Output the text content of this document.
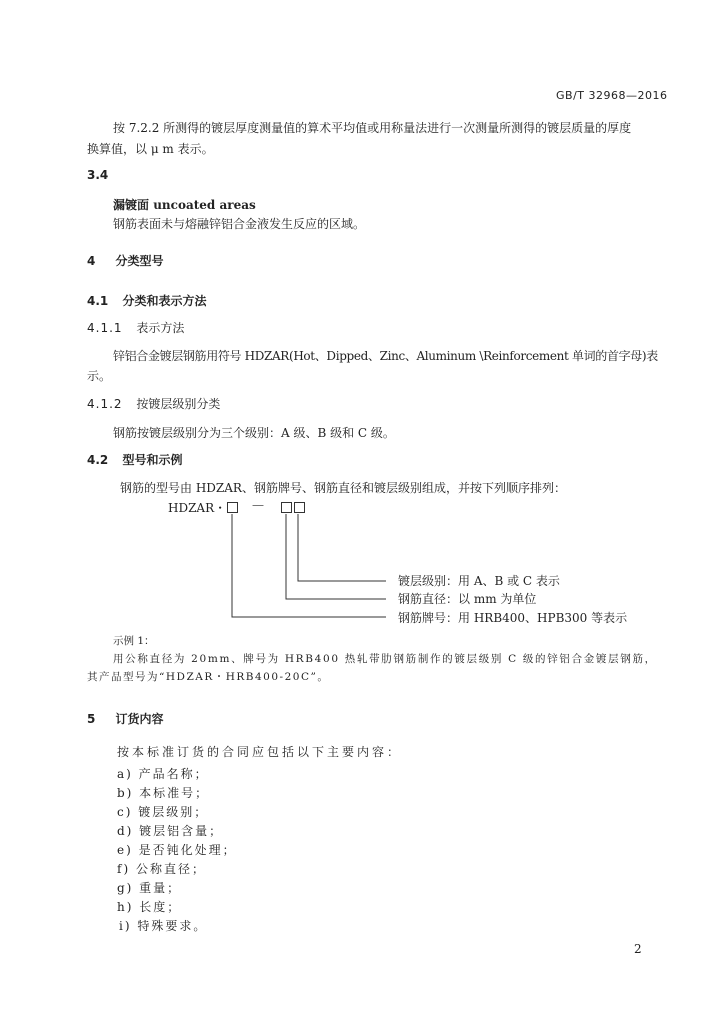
GB/T 32968—2016
按 7.2.2 所测得的镀层厚度测量值的算术平均值或用称量法进行一次测量所测得的镀层质量的厚度
换算值，以 μ m 表示。
3.4
漏镀面 uncoated areas
钢筋表面未与熔融锌铝合金液发生反应的区域。
4 分类型号
4.1 分类和表示方法
4.1.1 表示方法
锌铝合金镀层钢筋用符号 HDZAR(Hot、Dipped、Zinc、Aluminum \Reinforcement 单词的首字母)表
示。
4.1.2 按镀层级别分类
钢筋按镀层级别分为三个级别：A 级、B 级和 C 级。
4.2 型号和示例
钢筋的型号由 HDZAR、钢筋牌号、钢筋直径和镀层级别组成，并按下列顺序排列：
HDZAR・ —
镀层级别：用 A、B 或 C 表示
钢筋直径：以 mm 为单位
钢筋牌号：用 HRB400、HPB300 等表示
示例 1：
用公称直径为 20mm、牌号为 HRB400 热轧带肋钢筋制作的镀层级别 C 级的锌铝合金镀层钢筋，
其产品型号为“HDZAR・HRB400-20C”。
5 订货内容
按本标准订货的合同应包括以下主要内容：
a) 产品名称；
b) 本标准号；
c) 镀层级别；
d) 镀层铝含量；
e) 是否钝化处理；
f) 公称直径；
g) 重量；
h) 长度；
i) 特殊要求。
2
